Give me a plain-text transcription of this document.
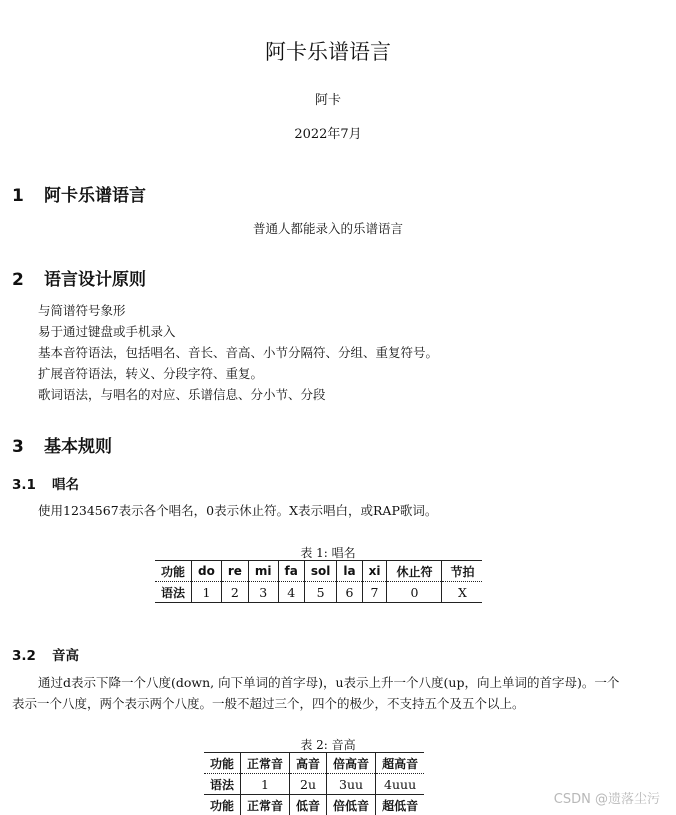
阿卡乐谱语言
阿卡
2022年7月
1 阿卡乐谱语言
普通人都能录入的乐谱语言
2 语言设计原则
与简谱符号象形
易于通过键盘或手机录入
基本音符语法，包括唱名、音长、音高、小节分隔符、分组、重复符号。
扩展音符语法，转义、分段字符、重复。
歌词语法，与唱名的对应、乐谱信息、分小节、分段
3 基本规则
3.1 唱名
使用1234567表示各个唱名，0表示休止符。X表示唱白，或RAP歌词。
表 1: 唱名
功能	do	re	mi	fa	sol	la	xi	休止符	节拍
语法	1	2	3	4	5	6	7	0	X
3.2 音高
通过d表示下降一个八度(down, 向下单词的首字母)，u表示上升一个八度(up，向上单词的首字母)。一个
表示一个八度，两个表示两个八度。一般不超过三个，四个的极少，不支持五个及五个以上。
表 2: 音高
功能	正常音	高音	倍高音	超高音
语法	1	2u	3uu	4uuu
功能	正常音	低音	倍低音	超低音	CSDN @遗落尘污
